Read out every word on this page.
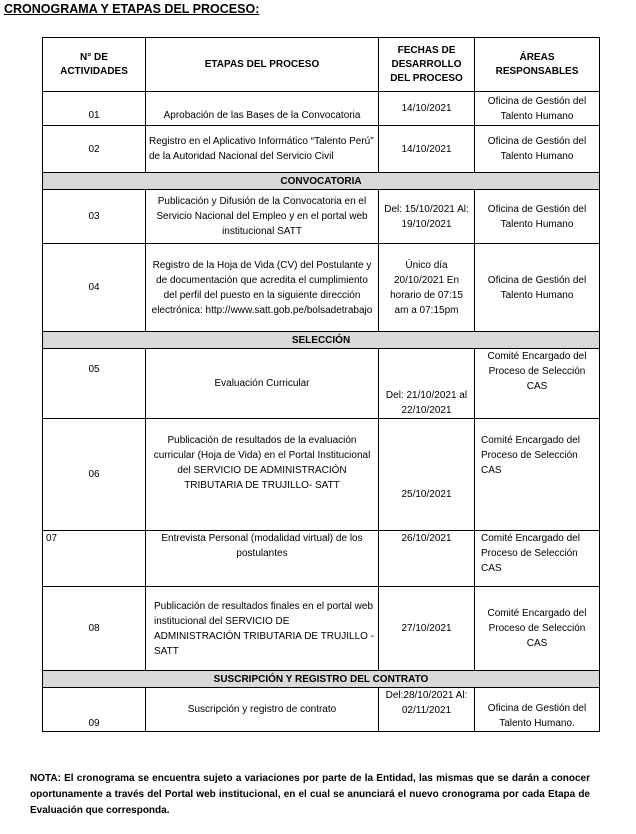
CRONOGRAMA Y ETAPAS DEL PROCESO:
N° DE ACTIVIDADES	ETAPAS DEL PROCESO	FECHAS DE DESARROLLO DEL PROCESO	ÁREAS RESPONSABLES
01	Aprobación de las Bases de la Convocatoria	14/10/2021	Oficina de Gestión del Talento Humano
02	Registro en el Aplicativo Informático “Talento Perú” de la Autoridad Nacional del Servicio Civil	14/10/2021	Oficina de Gestión del Talento Humano
CONVOCATORIA			
03	Publicación y Difusión de la Convocatoria en el Servicio Nacional del Empleo y en el portal web institucional SATT	Del: 15/10/2021 Al: 19/10/2021	Oficina de Gestión del Talento Humano
04	Registro de la Hoja de Vida (CV) del Postulante y de documentación que acredita el cumplimiento del perfil del puesto en la siguiente dirección electrónica: http://www.satt.gob.pe/bolsadetrabajo	Único día 20/10/2021 En horario de 07:15 am a 07:15pm	Oficina de Gestión del Talento Humano
SELECCIÓN			
05	Evaluación Curricular	Del: 21/10/2021 al 22/10/2021	Comité Encargado del Proceso de Selección CAS
06	Publicación de resultados de la evaluación curricular (Hoja de Vida) en el Portal Institucional del SERVICIO DE ADMINISTRACIÓN TRIBUTARIA DE TRUJILLO- SATT	25/10/2021	Comité Encargado del Proceso de Selección CAS
07	Entrevista Personal (modalidad virtual) de los postulantes	26/10/2021	Comité Encargado del Proceso de Selección CAS
08	Publicación de resultados finales en el portal web institucional del SERVICIO DE ADMINISTRACIÓN TRIBUTARIA DE TRUJILLO -SATT	27/10/2021	Comité Encargado del Proceso de Selección CAS
SUSCRIPCIÓN Y REGISTRO DEL CONTRATO			
09	Suscripción y registro de contrato	Del:28/10/2021 Al: 02/11/2021	Oficina de Gestión del Talento Humano.
NOTA: El cronograma se encuentra sujeto a variaciones por parte de la Entidad, las mismas que se darán a conocer oportunamente a través del Portal web institucional, en el cual se anunciará el nuevo cronograma por cada Etapa de Evaluación que corresponda.
